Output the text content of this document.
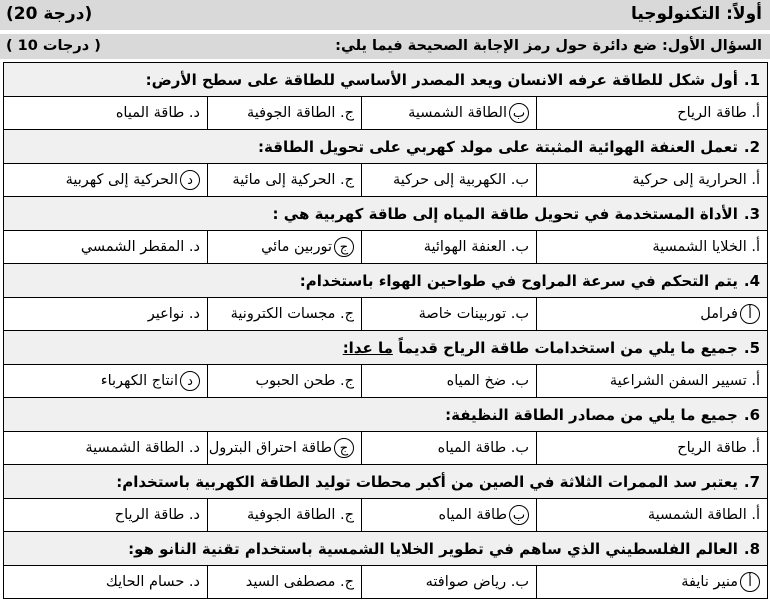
أولاً: التكنولوجيا
(20 درجة)
السؤال الأول: ضع دائرة حول رمز الإجابة الصحيحة فيما يلي:
( 10 درجات )
1.أول شكل للطاقة عرفه الانسان ويعد المصدر الأساسي للطاقة على سطح الأرض:			
أ. طاقة الرياح	بالطاقة الشمسية	ج. الطاقة الجوفية	د. طاقة المياه
2.تعمل العنفة الهوائية المثبتة على مولد كهربي على تحويل الطاقة:			
أ. الحرارية إلى حركية	ب. الكهربية إلى حركية	ج. الحركية إلى مائية	دالحركية إلى كهربية
3.الأداة المستخدمة في تحويل طاقة المياه إلى طاقة كهربية هي :			
أ. الخلايا الشمسية	ب. العنفة الهوائية	جتوربين مائي	د. المقطر الشمسي
4.يتم التحكم في سرعة المراوح في طواحين الهواء باستخدام:			
أفرامل	ب. توربينات خاصة	ج. مجسات الكترونية	د. نواعير
5.جميع ما يلي من استخدامات طاقة الرياح قديماً ما عدا:			
أ. تسيير السفن الشراعية	ب. ضخ المياه	ج. طحن الحبوب	دانتاج الكهرباء
6.جميع ما يلي من مصادر الطاقة النظيفة:			
أ. طاقة الرياح	ب. طاقة المياه	جطاقة احتراق البترول	د. الطاقة الشمسية
7.يعتبر سد الممرات الثلاثة في الصين من أكبر محطات توليد الطاقة الكهربية باستخدام:			
أ. الطاقة الشمسية	بطاقة المياه	ج. الطاقة الجوفية	د. طاقة الرياح
8.العالم الفلسطيني الذي ساهم في تطوير الخلايا الشمسية باستخدام تقنية النانو هو:			
أمنير نايفة	ب. رياض صوافته	ج. مصطفى السيد	د. حسام الحايك
